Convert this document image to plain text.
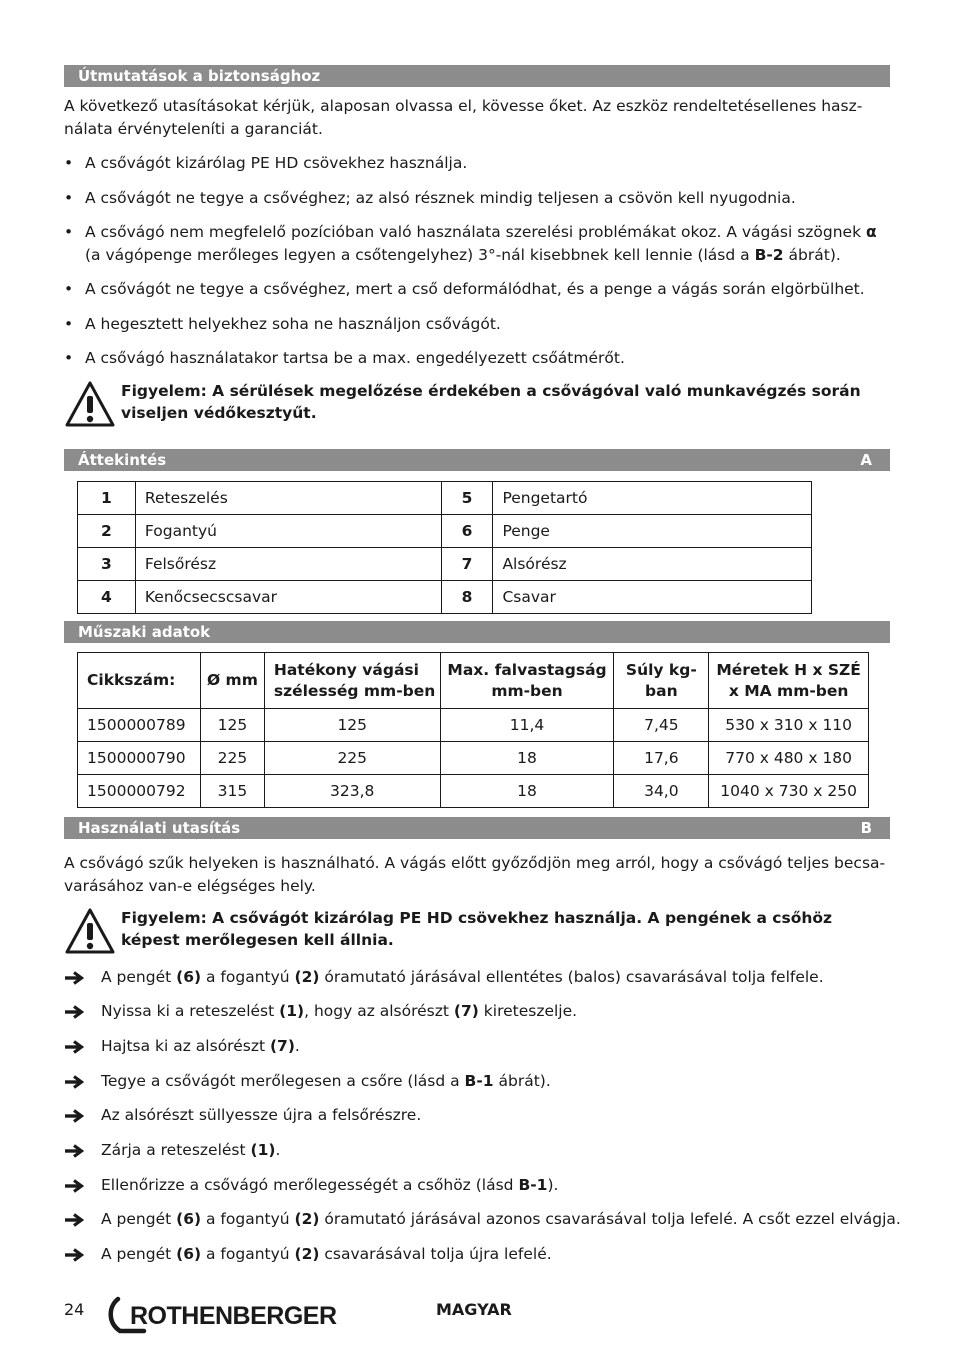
Útmutatások a biztonsághoz
A következő utasításokat kérjük, alaposan olvassa el, kövesse őket. Az eszköz rendeltetésellenes hasz-nálata érvényteleníti a garanciát.
• A csővágót kizárólag PE HD csövekhez használja.
• A csővágót ne tegye a csővéghez; az alsó résznek mindig teljesen a csövön kell nyugodnia.
• A csővágó nem megfelelő pozícióban való használata szerelési problémákat okoz. A vágási szögnek α (a vágópenge merőleges legyen a csőtengelyhez) 3°-nál kisebbnek kell lennie (lásd a B-2 ábrát).
• A csővágót ne tegye a csővéghez, mert a cső deformálódhat, és a penge a vágás során elgörbülhet.
• A hegesztett helyekhez soha ne használjon csővágót.
• A csővágó használatakor tartsa be a max. engedélyezett csőátmérőt.
Figyelem: A sérülések megelőzése érdekében a csővágóval való munkavégzés során viseljen védőkesztyűt.
Áttekintés	A
1	Reteszelés	5	Pengetartó
2	Fogantyú	6	Penge
3	Felsőrész	7	Alsórész
4	Kenőcsecscsavar	8	Csavar
Műszaki adatok
Cikkszám:	Ø mm	Hatékony vágási szélesség mm-ben	Max. falvastagság mm-ben	Súly kg-ban	Méretek H x SZÉ x MA mm-ben
1500000789	125	125	11,4	7,45	530 x 310 x 110
1500000790	225	225	18	17,6	770 x 480 x 180
1500000792	315	323,8	18	34,0	1040 x 730 x 250
Használati utasítás	B
A csővágó szűk helyeken is használható. A vágás előtt győződjön meg arról, hogy a csővágó teljes becsa-varásához van-e elégséges hely.
Figyelem: A csővágót kizárólag PE HD csövekhez használja. A pengének a csőhöz képest merőlegesen kell állnia.
A pengét (6) a fogantyú (2) óramutató járásával ellentétes (balos) csavarásával tolja felfele.
Nyissa ki a reteszelést (1), hogy az alsórészt (7) kireteszelje.
Hajtsa ki az alsórészt (7).
Tegye a csővágót merőlegesen a csőre (lásd a B-1 ábrát).
Az alsórészt süllyessze újra a felsőrészre.
Zárja a reteszelést (1).
Ellenőrizze a csővágó merőlegességét a csőhöz (lásd B-1).
A pengét (6) a fogantyú (2) óramutató járásával azonos csavarásával tolja lefelé. A csőt ezzel elvágja.
A pengét (6) a fogantyú (2) csavarásával tolja újra lefelé.
24 ROTHENBERGER	MAGYAR
